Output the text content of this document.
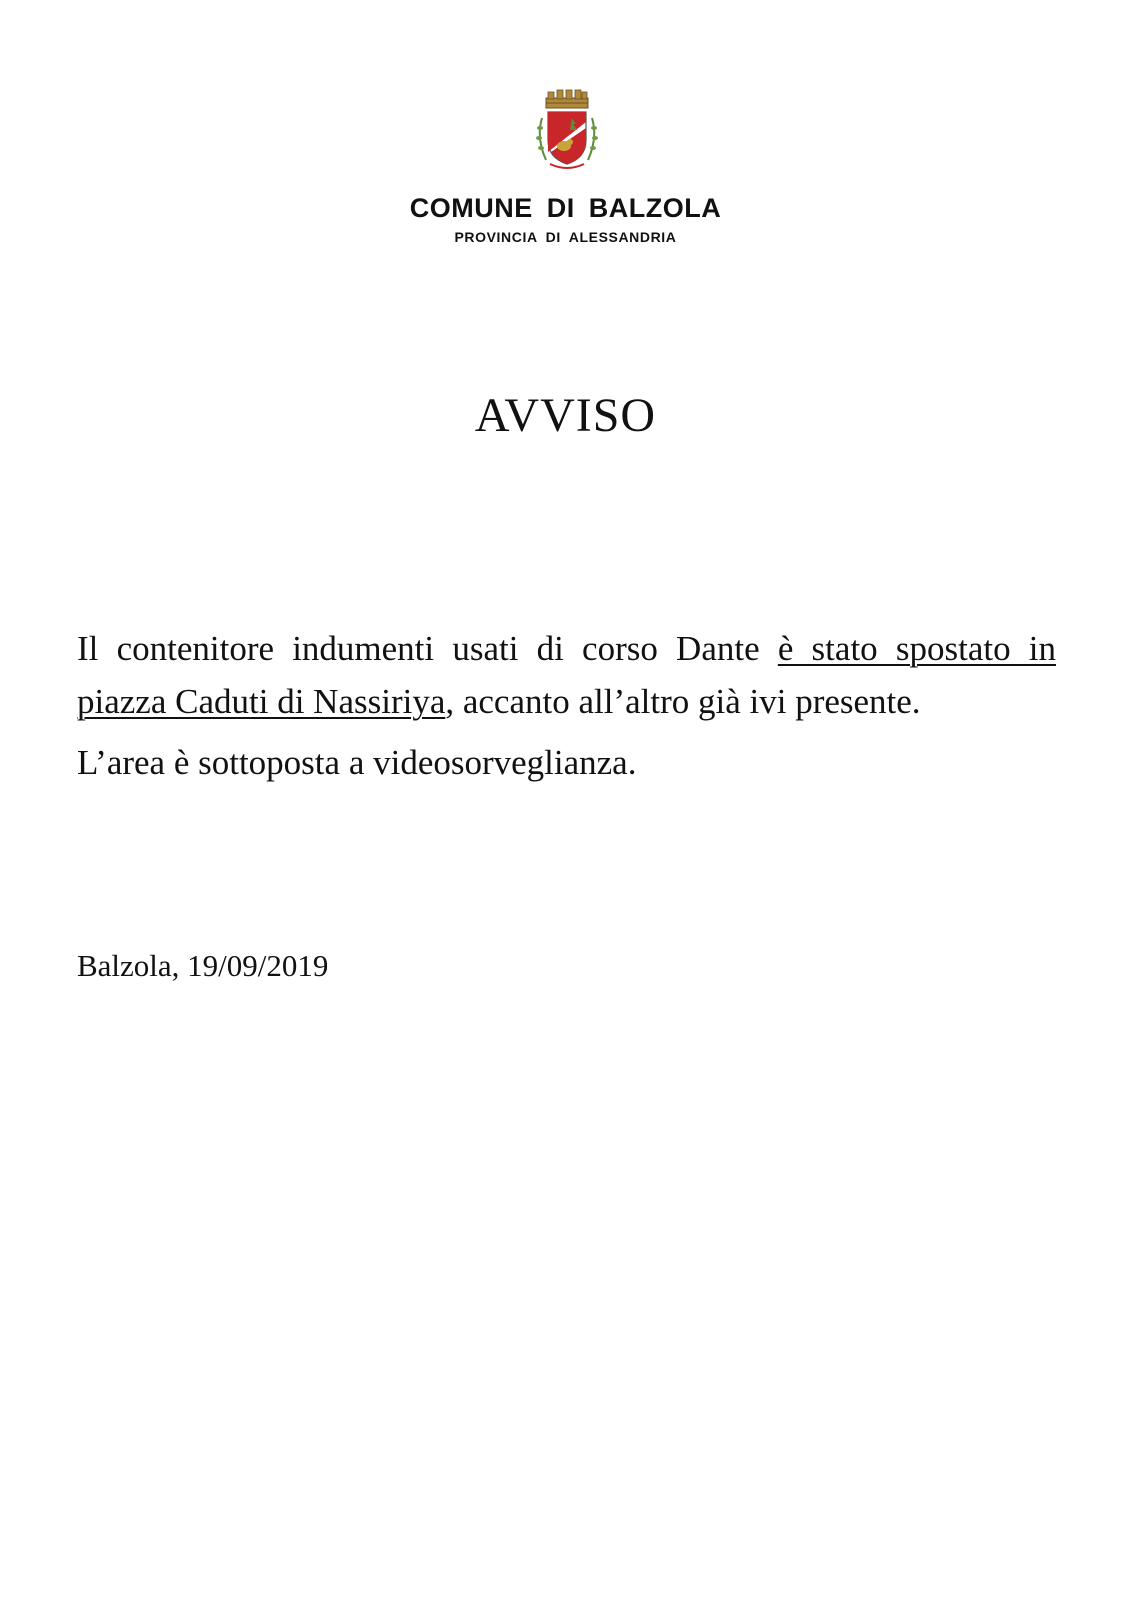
COMUNE DI BALZOLA
PROVINCIA DI ALESSANDRIA
AVVISO

Il contenitore indumenti usati di corso Dante è stato spostato in piazza Caduti di Nassiriya, accanto all’altro già ivi presente.

L’area è sottoposta a videosorveglianza.

Balzola, 19/09/2019
